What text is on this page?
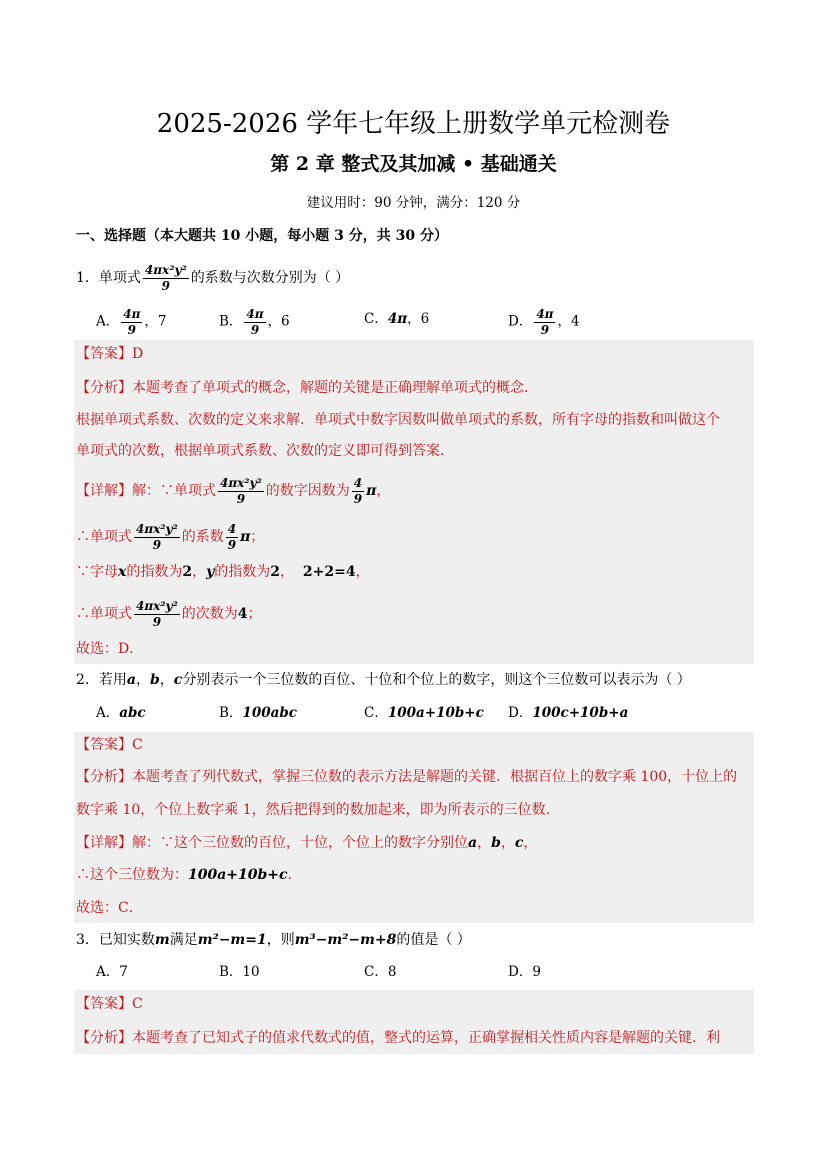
2025-2026 学年七年级上册数学单元检测卷
第 2 章 整式及其加减 • 基础通关
建议用时：90 分钟，满分：120 分
一、选择题（本大题共 10 小题，每小题 3 分，共 30 分）
1．单项式 $\frac{\text{4πx²y²}}{9}$ 的系数与次数分别为（ ）
A． $\frac{4\pi}{9}$ ，7	B． $\frac{4\pi}{9}$ ，6	C．4π，6	D． $\frac{4\pi}{9}$ ，4
【答案】D
【分析】本题考查了单项式的概念，解题的关键是正确理解单项式的概念．
根据单项式系数、次数的定义来求解．单项式中数字因数叫做单项式的系数，所有字母的指数和叫做这个
单项式的次数，根据单项式系数、次数的定义即可得到答案．
【详解】解：∵单项式 $\frac{\text{4πx²y²}}{9}$ 的数字因数为 $\frac{4}{9}$ π，
∴单项式 $\frac{\text{4πx²y²}}{9}$ 的系数 $\frac{4}{9}$ π；
∵字母x的指数为2，y的指数为2， 2+2=4，
∴单项式 $\frac{\text{4πx²y²}}{9}$ 的次数为4；
故选：D．
2．若用a，b，c分别表示一个三位数的百位、十位和个位上的数字，则这个三位数可以表示为（ ）
A．abc	B．100abc	C．100a+10b+c D．100c+10b+a
【答案】C
【分析】本题考查了列代数式，掌握三位数的表示方法是解题的关键．根据百位上的数字乘 100，十位上的
数字乘 10，个位上数字乘 1，然后把得到的数加起来，即为所表示的三位数．
【详解】解：∵这个三位数的百位，十位，个位上的数字分别位a，b，c，
∴这个三位数为：100a+10b+c．
故选：C．
3．已知实数m满足m²−m=1，则m³−m²−m+8的值是（ ）
A．7	B．10	C．8	D．9
【答案】C
【分析】本题考查了已知式子的值求代数式的值，整式的运算，正确掌握相关性质内容是解题的关键．利
